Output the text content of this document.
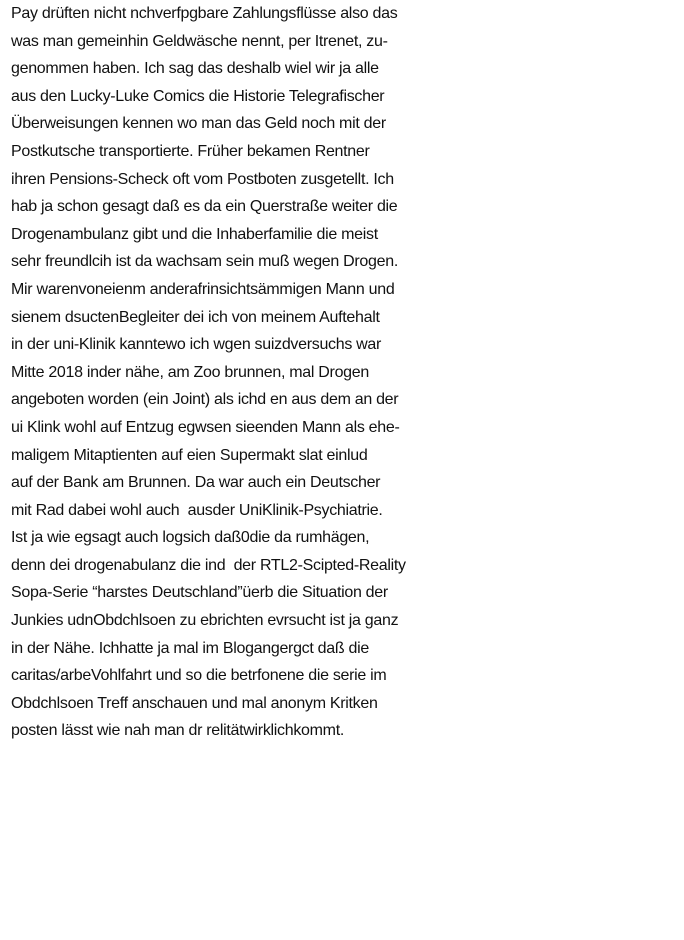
Pay drüften nicht nchverfpgbare Zahlungsflüsse also das
was man gemeinhin Geldwäsche nennt, per Itrenet, zu-
genommen haben. Ich sag das deshalb wiel wir ja alle
aus den Lucky-Luke Comics die Historie Telegrafischer
Überweisungen kennen wo man das Geld noch mit der
Postkutsche transportierte. Früher bekamen Rentner
ihren Pensions-Scheck oft vom Postboten zusgetellt. Ich
hab ja schon gesagt daß es da ein Querstraße weiter die
Drogenambulanz gibt und die Inhaberfamilie die meist
sehr freundlcih ist da wachsam sein muß wegen Drogen.
Mir warenvoneienm anderafrinsichtsämmigen Mann und
sienem dsuctenBegleiter dei ich von meinem Auftehalt
in der uni-Klinik kanntewo ich wgen suizdversuchs war
Mitte 2018 inder nähe, am Zoo brunnen, mal Drogen
angeboten worden (ein Joint) als ichd en aus dem an der
ui Klink wohl auf Entzug egwsen sieenden Mann als ehe-
maligem Mitaptienten auf eien Supermakt slat einlud
auf der Bank am Brunnen. Da war auch ein Deutscher
mit Rad dabei wohl auch  ausder UniKlinik-Psychiatrie.
Ist ja wie egsagt auch logsich daß0die da rumhägen,
denn dei drogenabulanz die ind  der RTL2-Scipted-Reality
Sopa-Serie “harstes Deutschland”üerb die Situation der
Junkies udnObdchlsoen zu ebrichten evrsucht ist ja ganz
in der Nähe. Ichhatte ja mal im Blogangergct daß die
caritas/arbeVohlfahrt und so die betrfonene die serie im
Obdchlsoen Treff anschauen und mal anonym Kritken
posten lässt wie nah man dr relitätwirklichkommt.
